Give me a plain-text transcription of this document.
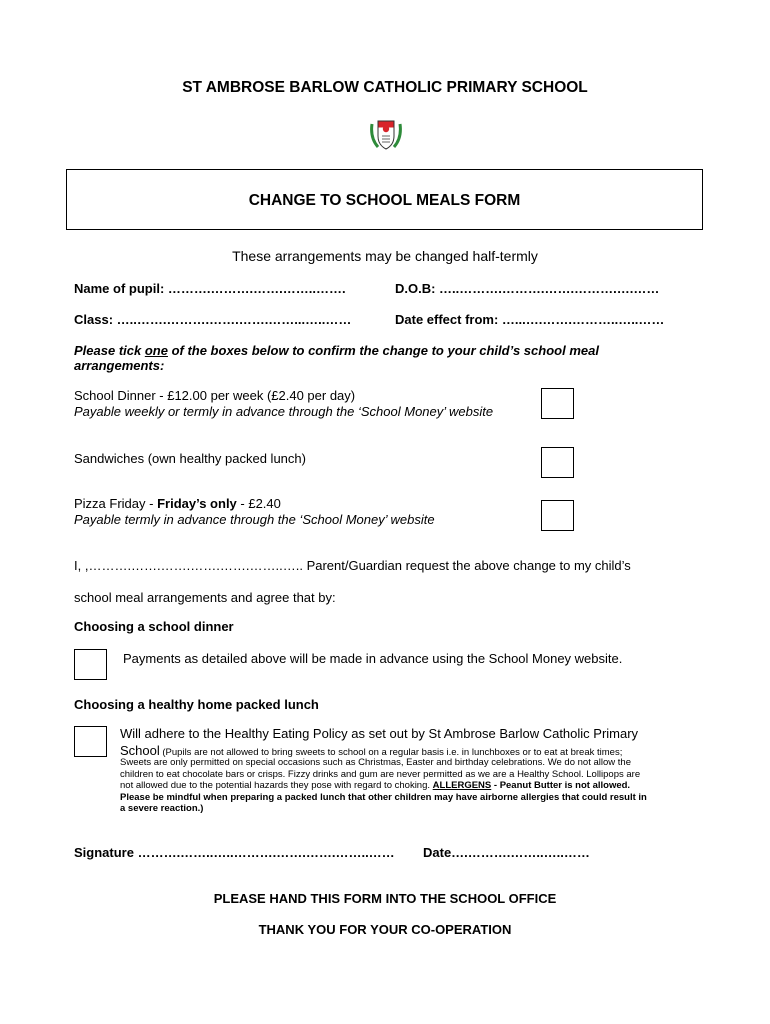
ST AMBROSE BARLOW CATHOLIC PRIMARY SCHOOL
CHANGE TO SCHOOL MEALS FORM
These arrangements may be changed half-termly
Name of pupil: ……….……….…….……..…….	D.O.B: …..……….……….…….……….….……
Class: …..…….……….…….…….……...…..……	Date effect from: …...….…….………..…..……
Please tick one of the boxes below to confirm the change to your child’s school meal
arrangements:
School Dinner - £12.00 per week (£2.40 per day)
Payable weekly or termly in advance through the ‘School Money’ website
Sandwiches (own healthy packed lunch)
Pizza Friday - Friday’s only - £2.40
Payable termly in advance through the ‘School Money’ website
I, ,……….…….…….…….…….……..….. Parent/Guardian request the above change to my child’s
school meal arrangements and agree that by:
Choosing a school dinner
Payments as detailed above will be made in advance using the School Money website.
Choosing a healthy home packed lunch
Will adhere to the Healthy Eating Policy as set out by St Ambrose Barlow Catholic Primary
School (Pupils are not allowed to bring sweets to school on a regular basis i.e. in lunchboxes or to eat at break times;
Sweets are only permitted on special occasions such as Christmas, Easter and birthday celebrations. We do not allow the
children to eat chocolate bars or crisps. Fizzy drinks and gum are never permitted as we are a Healthy School. Lollipops are
not allowed due to the potential hazards they pose with regard to choking. ALLERGENS - Peanut Butter is not allowed.
Please be mindful when preparing a packed lunch that other children may have airborne allergies that could result in
a severe reaction.)
Signature ……….……..…..……….…….…….……..…… Date….……….……..…..……
PLEASE HAND THIS FORM INTO THE SCHOOL OFFICE
THANK YOU FOR YOUR CO-OPERATION
